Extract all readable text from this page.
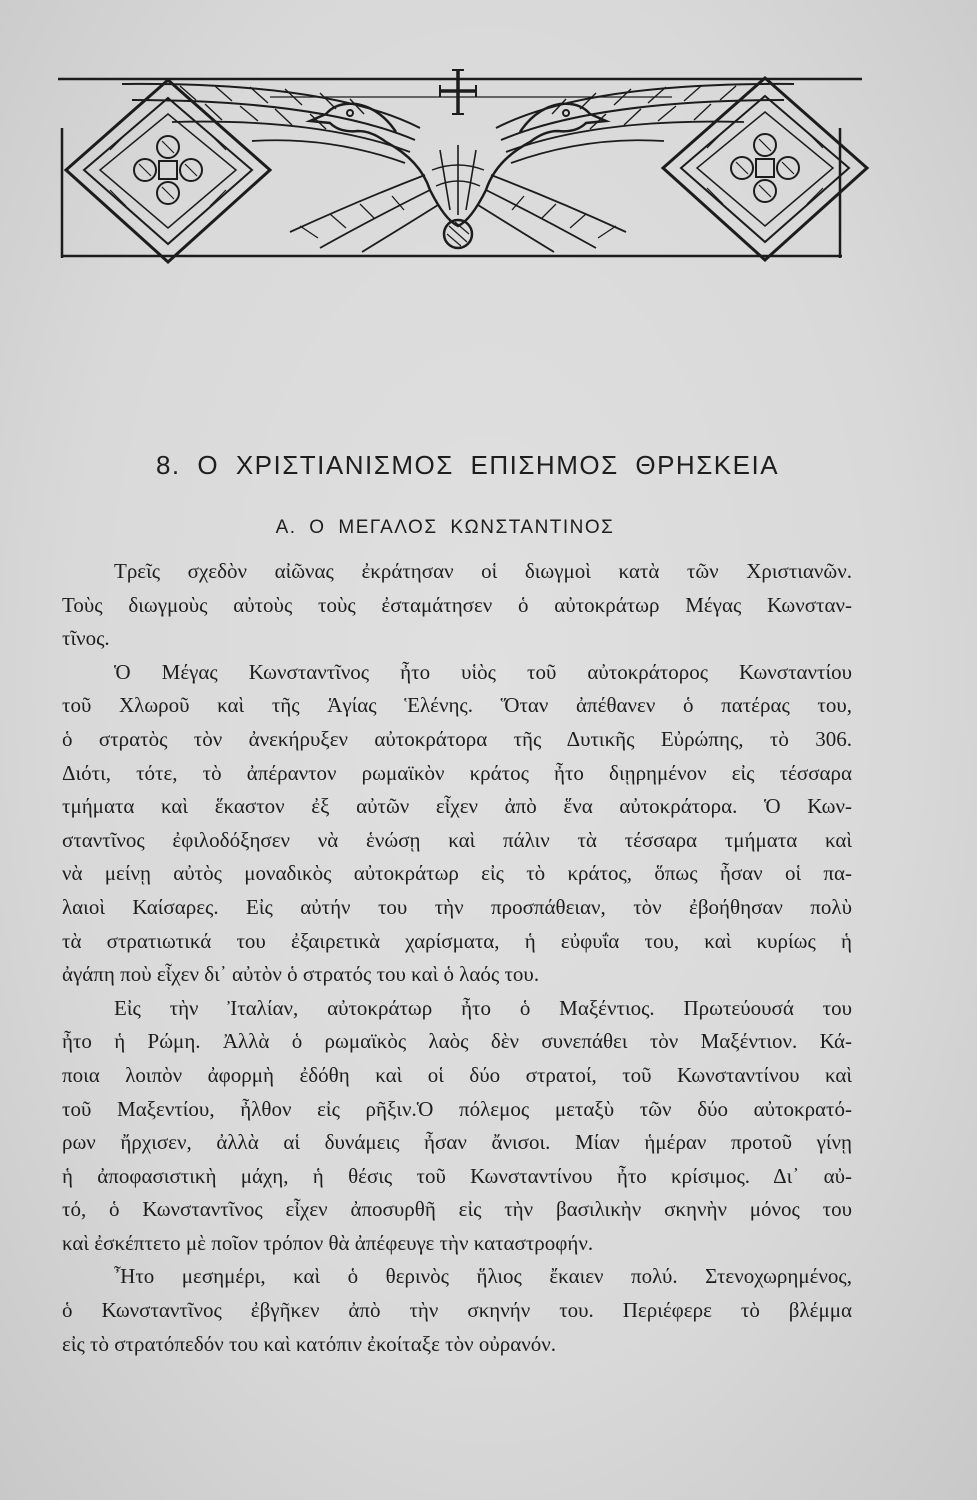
8. Ο ΧΡΙΣΤΙΑΝΙΣΜΟΣ ΕΠΙΣΗΜΟΣ ΘΡΗΣΚΕΙΑ
Α. Ο ΜΕΓΑΛΟΣ ΚΩΝΣΤΑΝΤΙΝΟΣ
Τρεῖς σχεδὸν αἰῶνας ἐκράτησαν οἱ διωγμοὶ κατὰ τῶν Χριστιανῶν.
Τοὺς διωγμοὺς αὐτοὺς τοὺς ἐσταμάτησεν ὁ αὐτοκράτωρ Μέγας Κωνσταν-
τῖνος.
Ὁ Μέγας Κωνσταντῖνος ἦτο υἱὸς τοῦ αὐτοκράτορος Κωνσταντίου
τοῦ Χλωροῦ καὶ τῆς Ἁγίας Ἑλένης. Ὅταν ἀπέθανεν ὁ πατέρας του,
ὁ στρατὸς τὸν ἀνεκήρυξεν αὐτοκράτορα τῆς Δυτικῆς Εὐρώπης, τὸ 306.
Διότι, τότε, τὸ ἀπέραντον ρωμαϊκὸν κράτος ἦτο διῃρημένον εἰς τέσσαρα
τμήματα καὶ ἕκαστον ἐξ αὐτῶν εἶχεν ἀπὸ ἕνα αὐτοκράτορα. Ὁ Κων-
σταντῖνος ἐφιλοδόξησεν νὰ ἑνώσῃ καὶ πάλιν τὰ τέσσαρα τμήματα καὶ
νὰ μείνῃ αὐτὸς μοναδικὸς αὐτοκράτωρ εἰς τὸ κράτος, ὅπως ἦσαν οἱ πα-
λαιοὶ Καίσαρες. Εἰς αὐτήν του τὴν προσπάθειαν, τὸν ἐβοήθησαν πολὺ
τὰ στρατιωτικά του ἐξαιρετικὰ χαρίσματα, ἡ εὐφυΐα του, καὶ κυρίως ἡ
ἀγάπη ποὺ εἶχεν δι᾽ αὐτὸν ὁ στρατός του καὶ ὁ λαός του.
Εἰς τὴν Ἰταλίαν, αὐτοκράτωρ ἦτο ὁ Μαξέντιος. Πρωτεύουσά του
ἦτο ἡ Ρώμη. Ἀλλὰ ὁ ρωμαϊκὸς λαὸς δὲν συνεπάθει τὸν Μαξέντιον. Κά-
ποια λοιπὸν ἀφορμὴ ἐδόθη καὶ οἱ δύο στρατοί, τοῦ Κωνσταντίνου καὶ
τοῦ Μαξεντίου, ἦλθον εἰς ρῆξιν.Ὁ πόλεμος μεταξὺ τῶν δύο αὐτοκρατό-
ρων ἤρχισεν, ἀλλὰ αἱ δυνάμεις ἦσαν ἄνισοι. Μίαν ἡμέραν προτοῦ γίνῃ
ἡ ἀποφασιστικὴ μάχη, ἡ θέσις τοῦ Κωνσταντίνου ἦτο κρίσιμος. Δι᾽ αὐ-
τό, ὁ Κωνσταντῖνος εἶχεν ἀποσυρθῆ εἰς τὴν βασιλικὴν σκηνὴν μόνος του
καὶ ἐσκέπτετο μὲ ποῖον τρόπον θὰ ἀπέφευγε τὴν καταστροφήν.
Ἦτο μεσημέρι, καὶ ὁ θερινὸς ἥλιος ἔκαιεν πολύ. Στενοχωρημένος,
ὁ Κωνσταντῖνος ἐβγῆκεν ἀπὸ τὴν σκηνήν του. Περιέφερε τὸ βλέμμα
εἰς τὸ στρατόπεδόν του καὶ κατόπιν ἐκοίταξε τὸν οὐρανόν.
